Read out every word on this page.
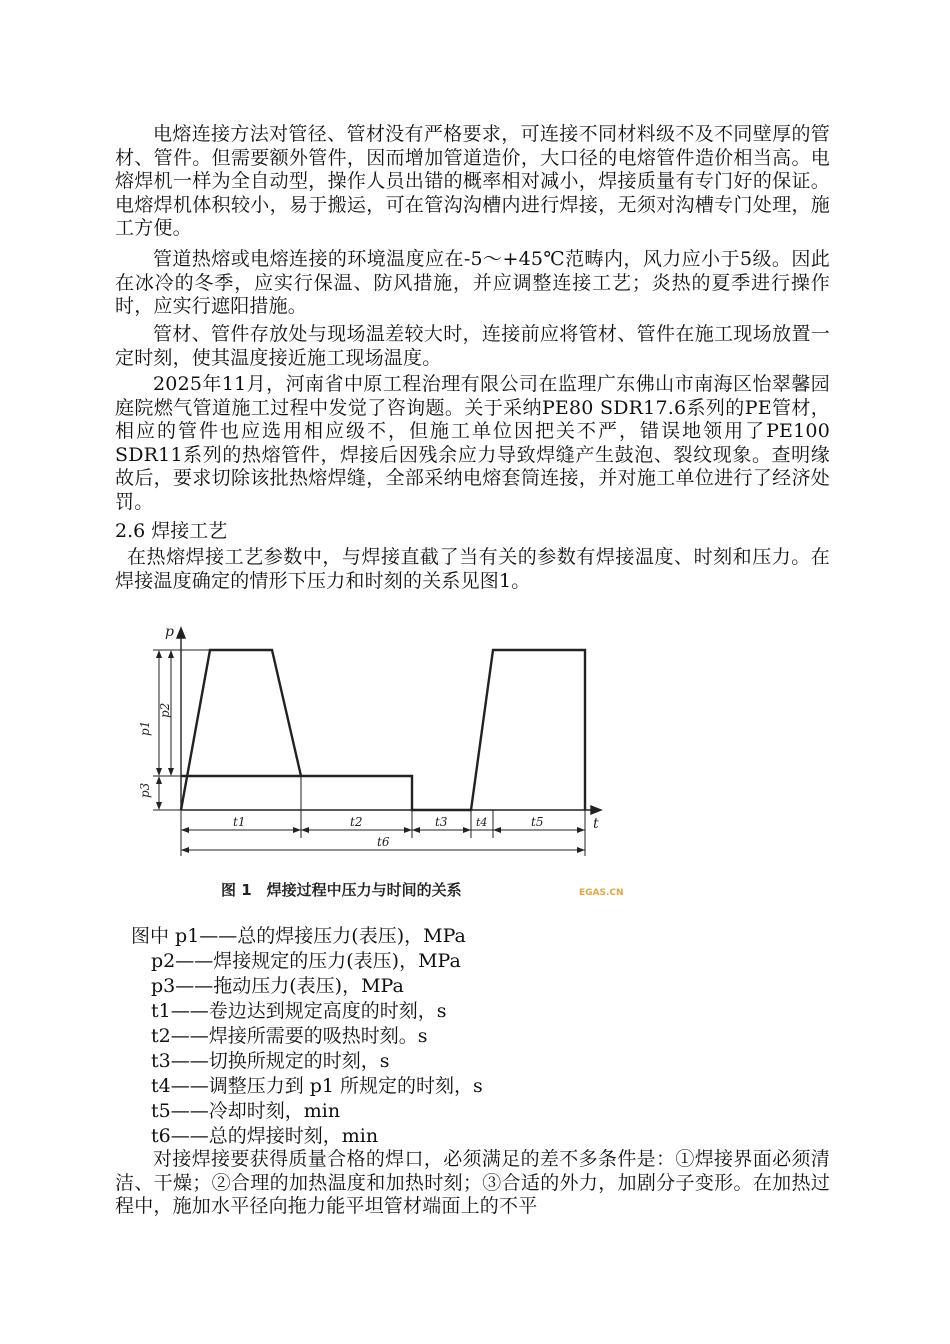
电熔连接方法对管径、管材没有严格要求，可连接不同材料级不及不同壁厚的管材、管件。但需要额外管件，因而增加管道造价，大口径的电熔管件造价相当高。电熔焊机一样为全自动型，操作人员出错的概率相对减小，焊接质量有专门好的保证。电熔焊机体积较小，易于搬运，可在管沟沟槽内进行焊接，无须对沟槽专门处理，施工方便。

管道热熔或电熔连接的环境温度应在-5～+45℃范畴内，风力应小于5级。因此在冰冷的冬季，应实行保温、防风措施，并应调整连接工艺；炎热的夏季进行操作时，应实行遮阳措施。

管材、管件存放处与现场温差较大时，连接前应将管材、管件在施工现场放置一定时刻，使其温度接近施工现场温度。

2025年11月，河南省中原工程治理有限公司在监理广东佛山市南海区怡翠馨园庭院燃气管道施工过程中发觉了咨询题。关于采纳PE80 SDR17.6系列的PE管材，相应的管件也应选用相应级不，但施工单位因把关不严，错误地领用了PE100 SDR11系列的热熔管件，焊接后因残余应力导致焊缝产生鼓泡、裂纹现象。查明缘故后，要求切除该批热熔焊缝，全部采纳电熔套筒连接，并对施工单位进行了经济处罚。

2.6 焊接工艺

在热熔焊接工艺参数中，与焊接直截了当有关的参数有焊接温度、时刻和压力。在焊接温度确定的情形下压力和时刻的关系见图1。

p
t
p1
p2
p3
t1	t2	t3	t4	t5
t6
图 1　焊接过程中压力与时间的关系	EGAS.CN
图中 p1——总的焊接压力(表压)，MPa
p2——焊接规定的压力(表压)，MPa
p3——拖动压力(表压)，MPa
t1——卷边达到规定高度的时刻，s
t2——焊接所需要的吸热时刻。s
t3——切换所规定的时刻，s
t4——调整压力到 p1 所规定的时刻，s
t5——冷却时刻，min
t6——总的焊接时刻，min

对接焊接要获得质量合格的焊口，必须满足的差不多条件是：①焊接界面必须清洁、干燥；②合理的加热温度和加热时刻；③合适的外力，加剧分子变形。在加热过程中，施加水平径向拖力能平坦管材端面上的不平
